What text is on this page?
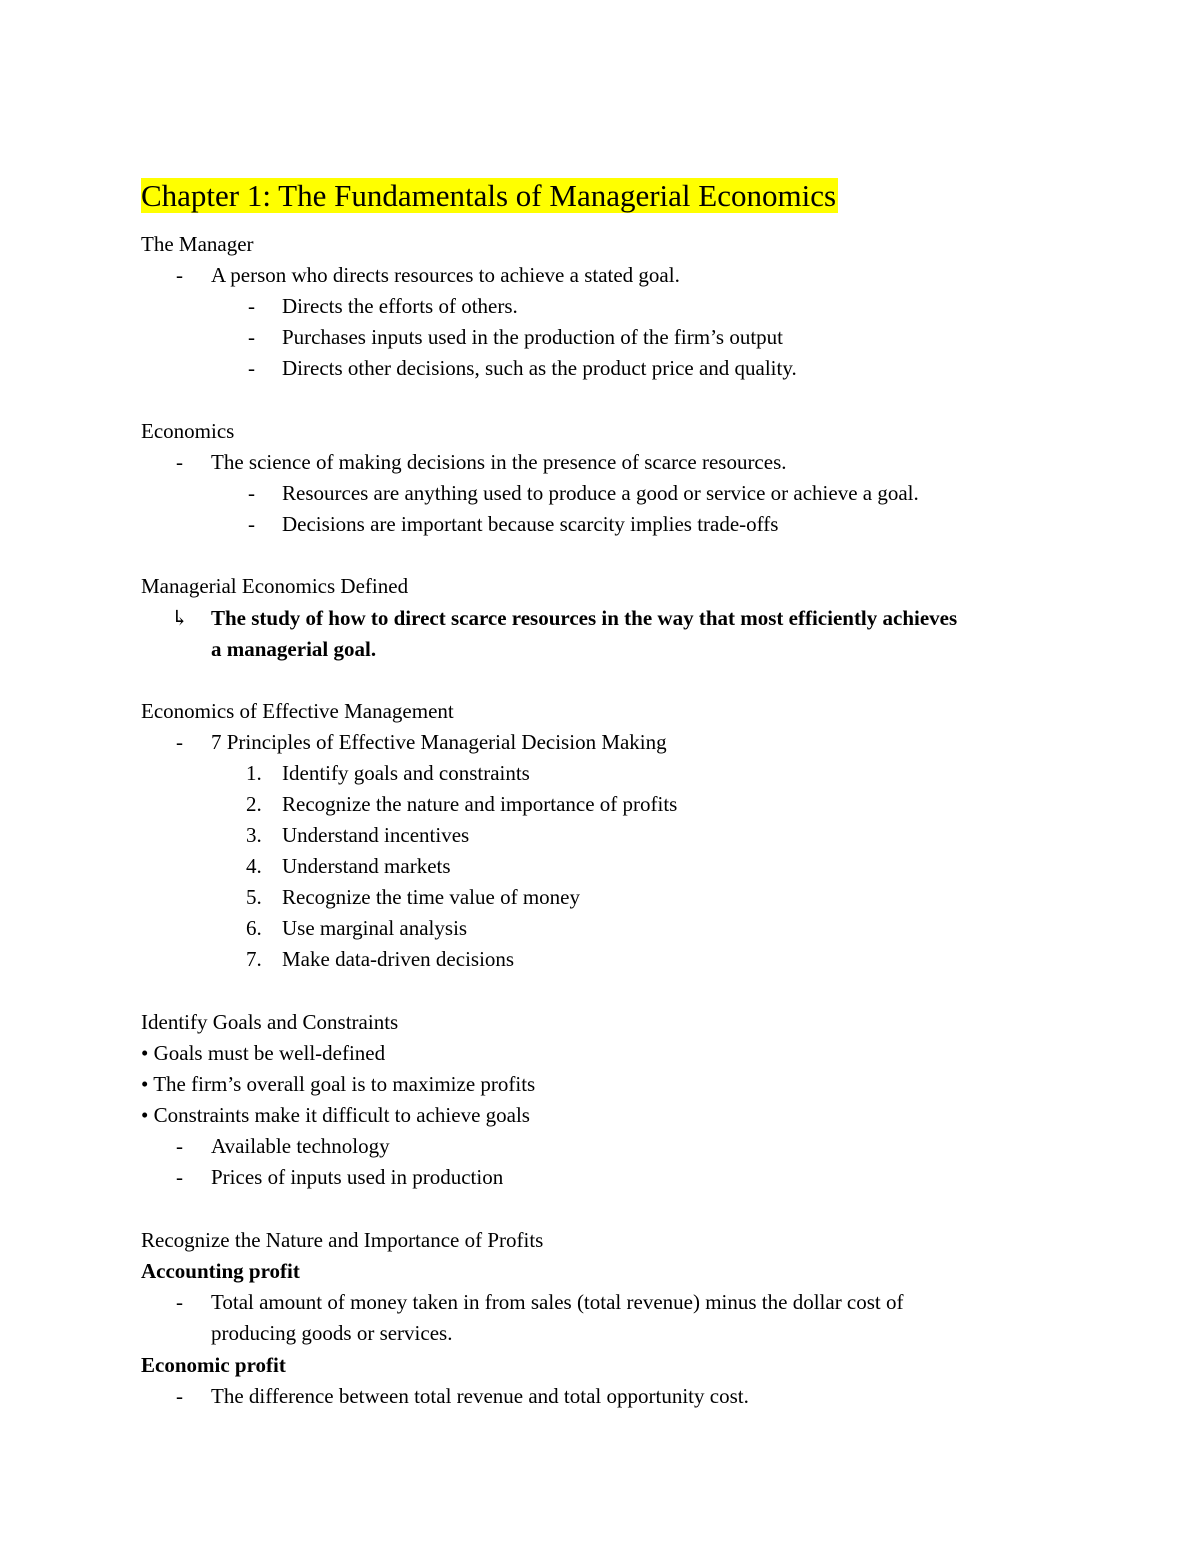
Chapter 1: The Fundamentals of Managerial Economics
The Manager
- A person who directs resources to achieve a stated goal.
- Directs the efforts of others.
- Purchases inputs used in the production of the firm’s output
- Directs other decisions, such as the product price and quality.
Economics
- The science of making decisions in the presence of scarce resources.
- Resources are anything used to produce a good or service or achieve a goal.
- Decisions are important because scarcity implies trade-offs
Managerial Economics Defined
↳ The study of how to direct scarce resources in the way that most efficiently achieves
a managerial goal.
Economics of Effective Management
- 7 Principles of Effective Managerial Decision Making
1. Identify goals and constraints
2. Recognize the nature and importance of profits
3. Understand incentives
4. Understand markets
5. Recognize the time value of money
6. Use marginal analysis
7. Make data-driven decisions
Identify Goals and Constraints
• Goals must be well-defined
• The firm’s overall goal is to maximize profits
• Constraints make it difficult to achieve goals
- Available technology
- Prices of inputs used in production
Recognize the Nature and Importance of Profits
Accounting profit
- Total amount of money taken in from sales (total revenue) minus the dollar cost of
producing goods or services.
Economic profit
- The difference between total revenue and total opportunity cost.
